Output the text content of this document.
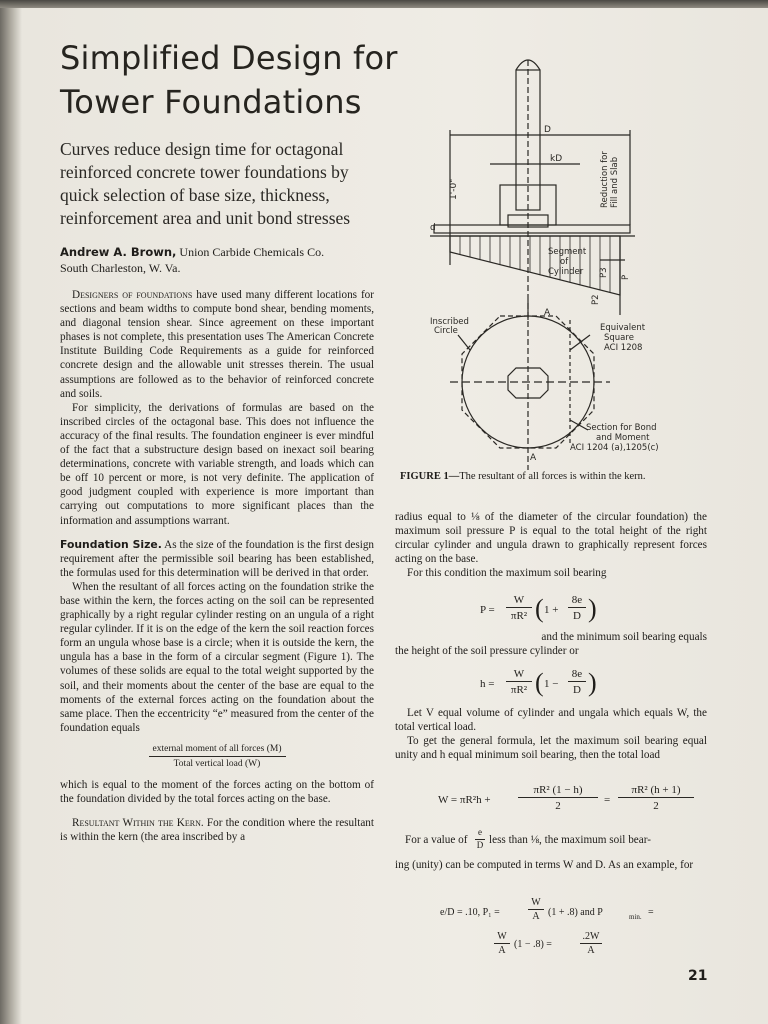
Simplified Design for
Tower Foundations
Curves reduce design time for octagonal reinforced concrete tower foundations by quick selection of base size, thickness, reinforcement area and unit bond stresses
Andrew A. Brown, Union Carbide Chemicals Co.
South Charleston, W. Va.

Designers of foundations have used many different locations for sections and beam widths to compute bond shear, bending moments, and diagonal tension shear. Since agreement on these important phases is not complete, this presentation uses The American Concrete Institute Building Code Requirements as a guide for reinforced concrete design and the allowable unit stresses therein. The usual assumptions are followed as to the behavior of reinforced concrete and soils.

For simplicity, the derivations of formulas are based on the inscribed circles of the octagonal base. This does not influence the accuracy of the final results. The foundation engineer is ever mindful of the fact that a substructure design based on inexact soil bearing determinations, concrete with variable strength, and loads which can be off 10 percent or more, is not very definite. The application of good judgment coupled with experience is more important than carrying out computations to more significant places than the information and assumptions warrant.

Foundation Size. As the size of the foundation is the first design requirement after the permissible soil bearing has been established, the formulas used for this determination will be derived in that order.

When the resultant of all forces acting on the foundation strike the base within the kern, the forces acting on the soil can be represented graphically by a right regular cylinder resting on an ungula of a right regular cylinder. If it is on the edge of the kern the soil reaction forces form an ungula whose base is a circle; when it is outside the kern, the ungula has a base in the form of a circular segment (Figure 1). The volumes of these solids are equal to the total weight supported by the soil, and their moments about the center of the base are equal to the moments of the external forces acting on the foundation about the same place. Then the eccentricity “e” measured from the center of the foundation equals

external moment of all forces (M)
Total vertical load (W)

which is equal to the moment of the forces acting on the bottom of the foundation divided by the total forces acting on the base.

Resultant Within the Kern. For the condition where the resultant is within the kern (the area inscribed by a

D
kD
1'-0"
d
Reduction for Fill and Slab
Segment
of
Cylinder P3
P2
P
Inscribed
Circle
A
Equivalent
Square
ACI 1208
Section for Bond
and Moment
ACI 1204 (a),1205(c)
A
FIGURE 1—The resultant of all forces is within the kern.

radius equal to ⅛ of the diameter of the circular foundation) the maximum soil pressure P is equal to the total height of the right circular cylinder and ungula drawn to graphically represent forces acting on the base.

For this condition the maximum soil bearing

P =
W
πR² ( 1 +
8e
D )
and the minimum soil bearing equals
the height of the soil pressure cylinder or
h =
W
πR² ( 1 −
8e
D )

Let V equal volume of cylinder and ungala which equals W, the total vertical load.

To get the general formula, let the maximum soil bearing equal unity and h equal minimum soil bearing, then the total load

W = πR²h +
πR² (1 − h)
2	=
πR² (h + 1)
2
For a value of
e
D less than ⅛, the maximum soil bear-
ing (unity) can be computed in terms W and D. As an example, for
e/D = .10, P₁ =
W
A (1 + .8) and P	min. =
W
A
(1 − .8) =
.2W
A
21
